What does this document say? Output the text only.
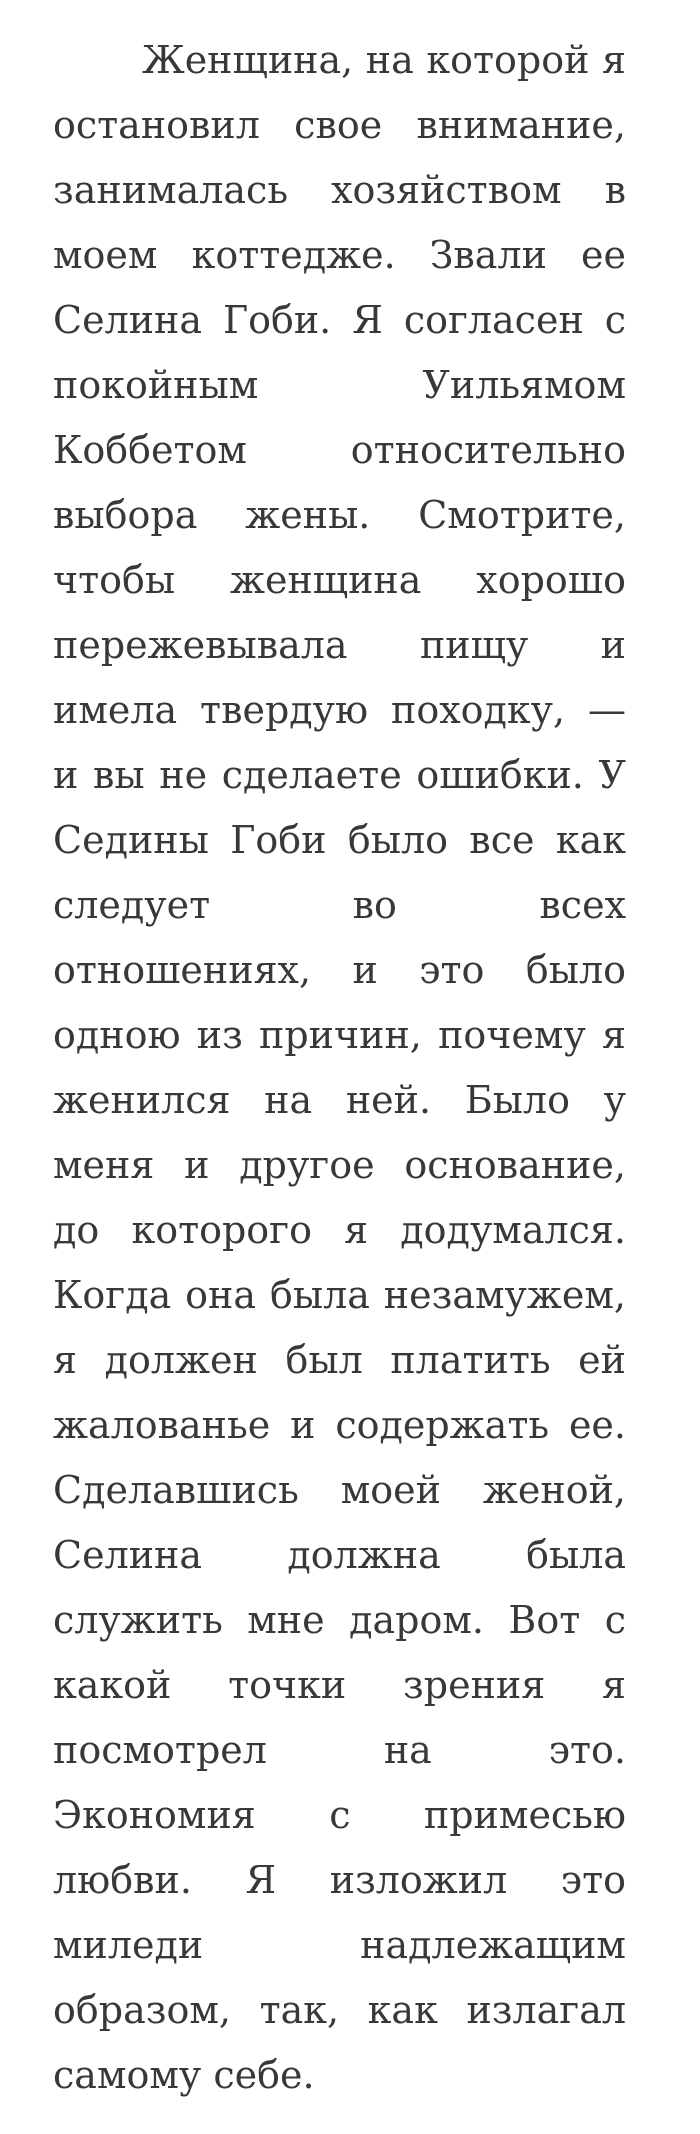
Женщина, на которой я
остановил свое внимание,
занималась хозяйством в
моем коттедже. Звали ее
Селина Гоби. Я согласен с
покойным Уильямом
Коббетом относительно
выбора жены. Смотрите,
чтобы женщина хорошо
пережевывала пищу и
имела твердую походку, —
и вы не сделаете ошибки. У
Седины Гоби было все как
следует во всех
отношениях, и это было
одною из причин, почему я
женился на ней. Было у
меня и другое основание,
до которого я додумался.
Когда она была незамужем,
я должен был платить ей
жалованье и содержать ее.
Сделавшись моей женой,
Селина должна была
служить мне даром. Вот с
какой точки зрения я
посмотрел на это.
Экономия с примесью
любви. Я изложил это
миледи надлежащим
образом, так, как излагал
самому себе.
